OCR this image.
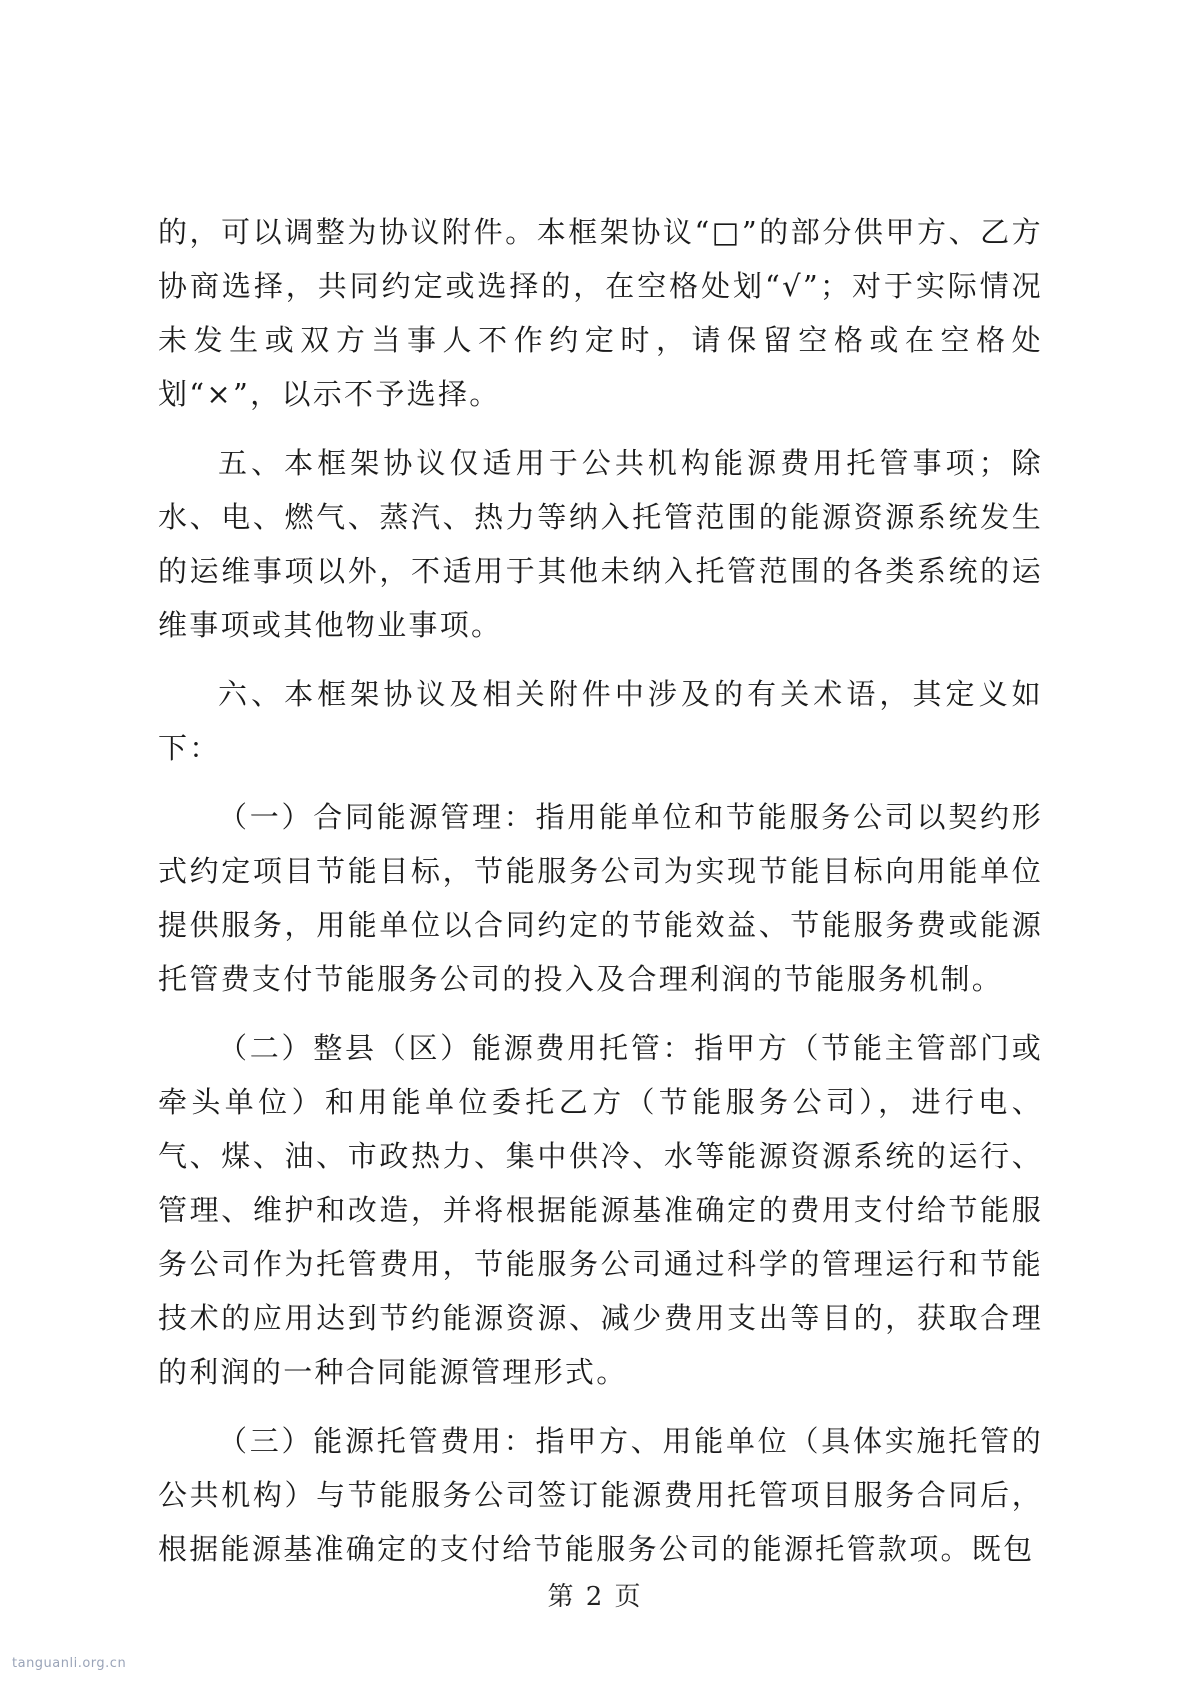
的，可以调整为协议附件。本框架协议“□”的部分供甲方、乙方协商选择，共同约定或选择的，在空格处划“√”；对于实际情况未发生或双方当事人不作约定时，请保留空格或在空格处划“×”，以示不予选择。

五、本框架协议仅适用于公共机构能源费用托管事项；除水、电、燃气、蒸汽、热力等纳入托管范围的能源资源系统发生的运维事项以外，不适用于其他未纳入托管范围的各类系统的运维事项或其他物业事项。

六、本框架协议及相关附件中涉及的有关术语，其定义如下：

（一）合同能源管理：指用能单位和节能服务公司以契约形式约定项目节能目标，节能服务公司为实现节能目标向用能单位提供服务，用能单位以合同约定的节能效益、节能服务费或能源托管费支付节能服务公司的投入及合理利润的节能服务机制。

（二）整县（区）能源费用托管：指甲方（节能主管部门或牵头单位）和用能单位委托乙方（节能服务公司），进行电、气、煤、油、市政热力、集中供冷、水等能源资源系统的运行、管理、维护和改造，并将根据能源基准确定的费用支付给节能服务公司作为托管费用，节能服务公司通过科学的管理运行和节能技术的应用达到节约能源资源、减少费用支出等目的，获取合理的利润的一种合同能源管理形式。

（三）能源托管费用：指甲方、用能单位（具体实施托管的公共机构）与节能服务公司签订能源费用托管项目服务合同后，根据能源基准确定的支付给节能服务公司的能源托管款项。既包

第 2 页
tanguanli.org.cn
